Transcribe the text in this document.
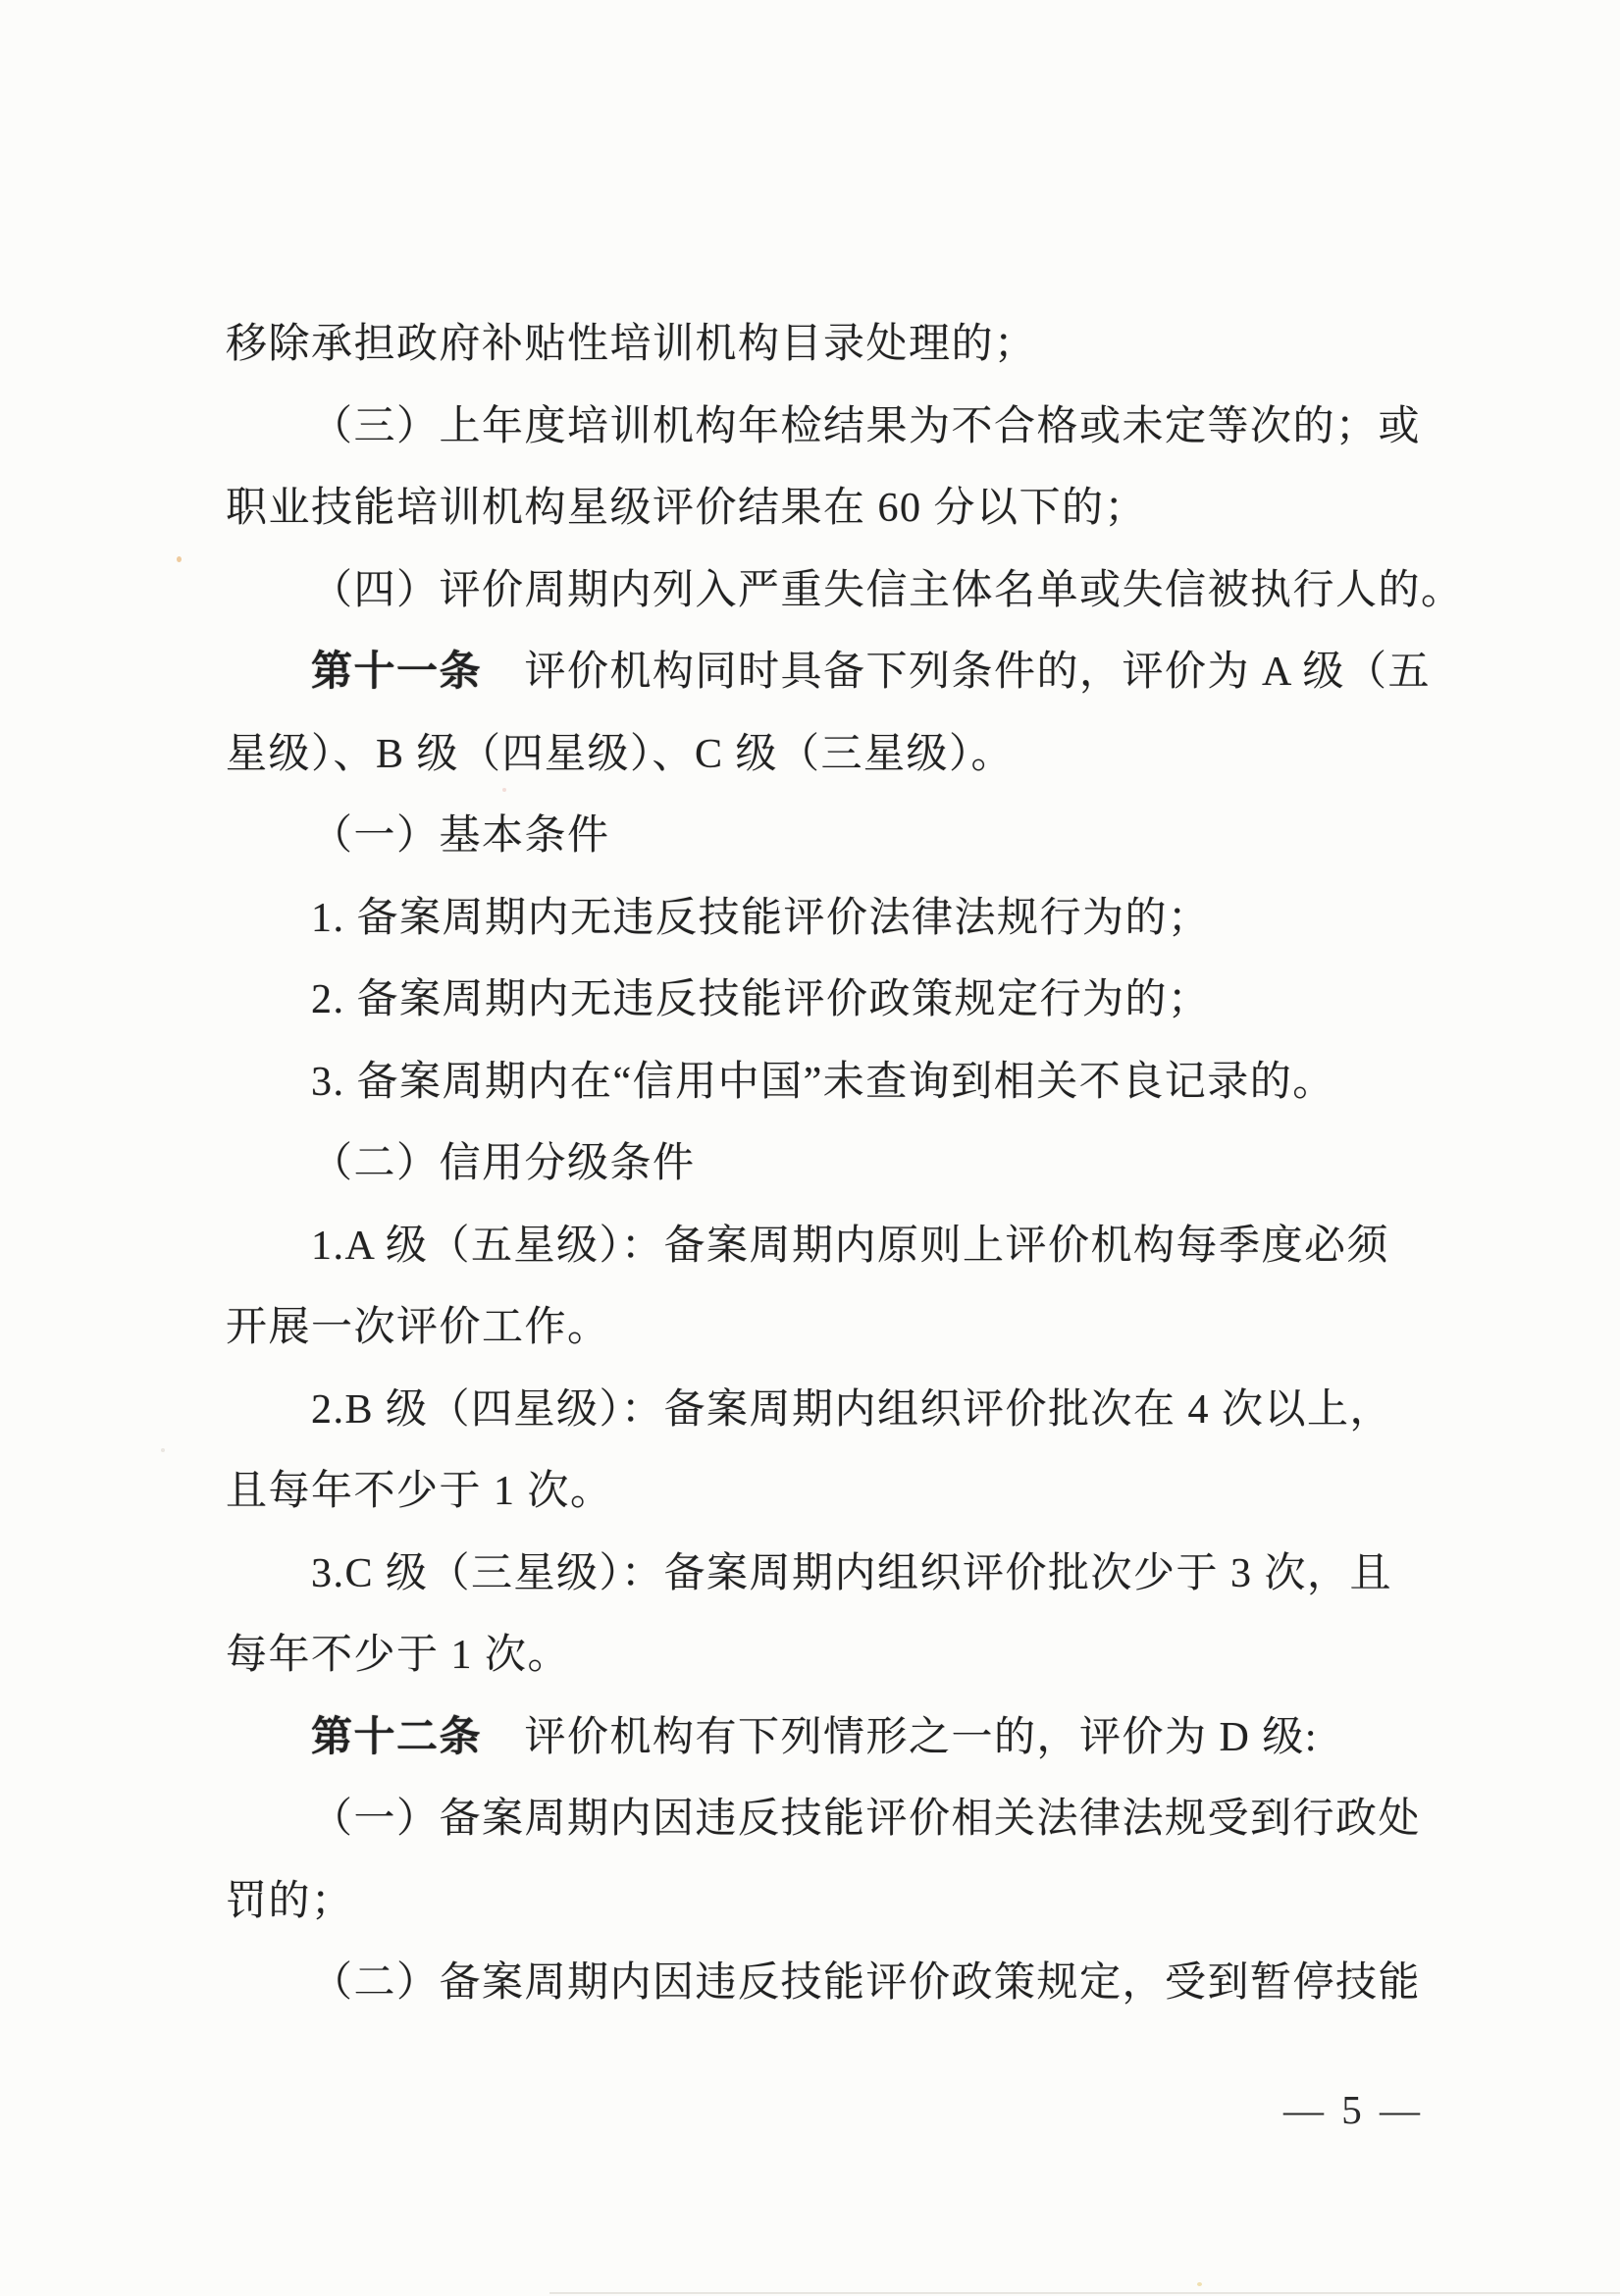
移除承担政府补贴性培训机构目录处理的；
（三）上年度培训机构年检结果为不合格或未定等次的；或
职业技能培训机构星级评价结果在 60 分以下的；
（四）评价周期内列入严重失信主体名单或失信被执行人的。
第十一条　评价机构同时具备下列条件的，评价为 A 级（五
星级）、B 级（四星级）、C 级（三星级）。
（一）基本条件
1. 备案周期内无违反技能评价法律法规行为的；
2. 备案周期内无违反技能评价政策规定行为的；
3. 备案周期内在“信用中国”未查询到相关不良记录的。
（二）信用分级条件
1.A 级（五星级）：备案周期内原则上评价机构每季度必须
开展一次评价工作。
2.B 级（四星级）：备案周期内组织评价批次在 4 次以上，
且每年不少于 1 次。
3.C 级（三星级）：备案周期内组织评价批次少于 3 次，且
每年不少于 1 次。
第十二条　评价机构有下列情形之一的，评价为 D 级:
（一）备案周期内因违反技能评价相关法律法规受到行政处
罚的；
（二）备案周期内因违反技能评价政策规定，受到暂停技能
— 5 —
